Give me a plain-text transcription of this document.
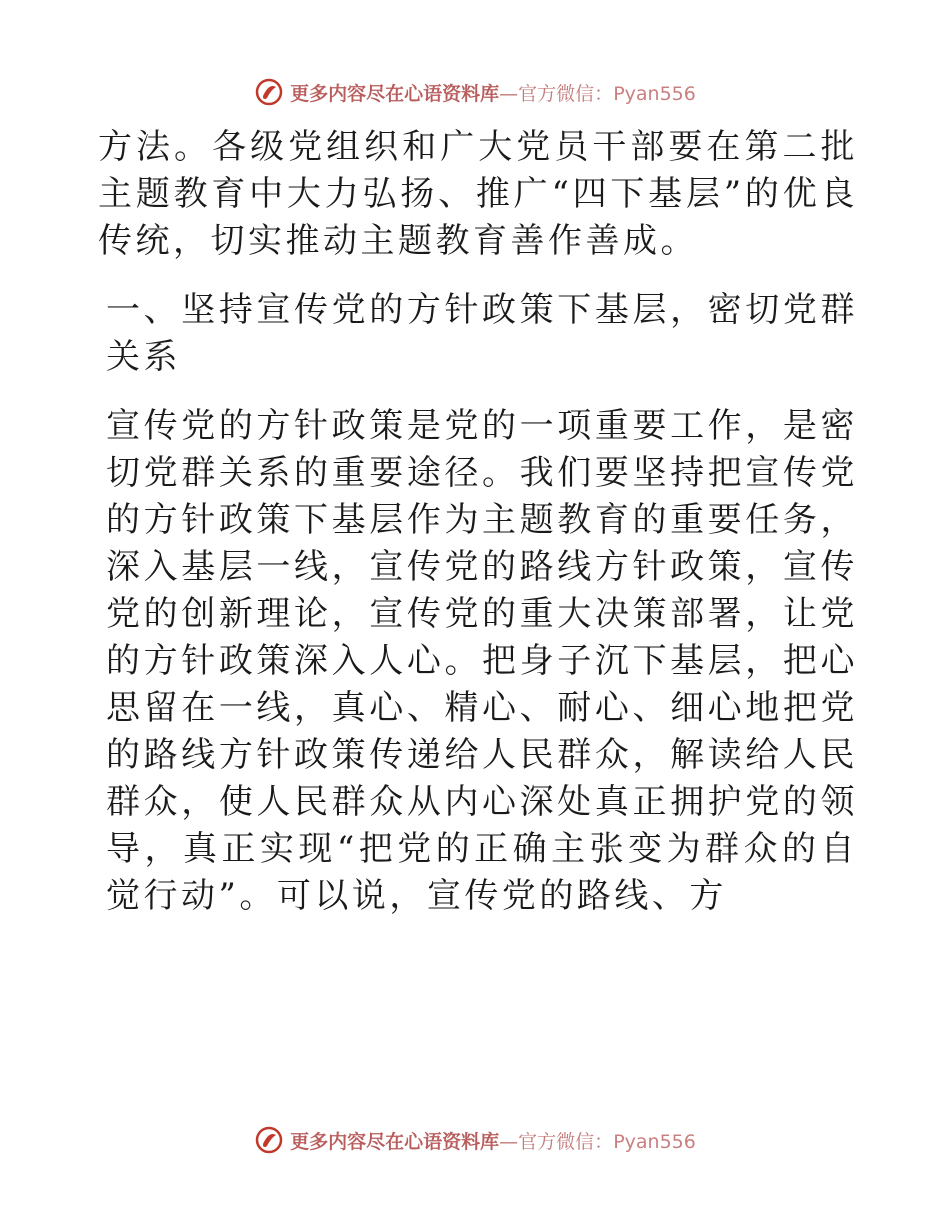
更多内容尽在心语资料库—官方微信：Pyan556

方法。各级党组织和广大党员干部要在第二批主题教育中大力弘扬、推广“四下基层”的优良传统，切实推动主题教育善作善成。

一、坚持宣传党的方针政策下基层，密切党群关系

宣传党的方针政策是党的一项重要工作，是密切党群关系的重要途径。我们要坚持把宣传党的方针政策下基层作为主题教育的重要任务，深入基层一线，宣传党的路线方针政策，宣传党的创新理论，宣传党的重大决策部署，让党的方针政策深入人心。把身子沉下基层，把心思留在一线，真心、精心、耐心、细心地把党的路线方针政策传递给人民群众，解读给人民群众，使人民群众从内心深处真正拥护党的领导，真正实现“把党的正确主张变为群众的自觉行动”。可以说，宣传党的路线、方

更多内容尽在心语资料库—官方微信：Pyan556
